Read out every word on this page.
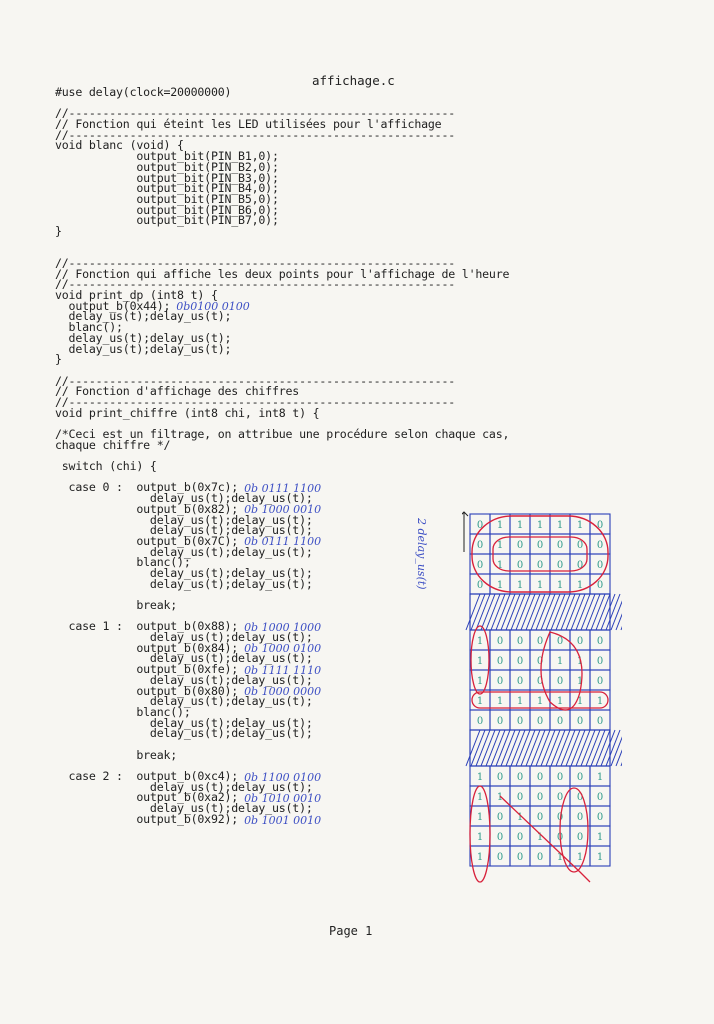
affichage.c
#use delay(clock=20000000)

//---------------------------------------------------------
// Fonction qui éteint les LED utilisées pour l'affichage
//---------------------------------------------------------
void blanc (void) {
output_bit(PIN_B1,0);
output_bit(PIN_B2,0);
output_bit(PIN_B3,0);
output_bit(PIN_B4,0);
output_bit(PIN_B5,0);
output_bit(PIN_B6,0);
output_bit(PIN_B7,0);
}

//---------------------------------------------------------
// Fonction qui affiche les deux points pour l'affichage de l'heure
//---------------------------------------------------------
void print_dp (int8 t) {
output_b(0x44);
delay_us(t);delay_us(t);
blanc();
delay_us(t);delay_us(t);
delay_us(t);delay_us(t);
}

//---------------------------------------------------------
// Fonction d'affichage des chiffres
//---------------------------------------------------------
void print_chiffre (int8 chi, int8 t) {

/*Ceci est un filtrage, on attribue une procédure selon chaque cas,
chaque chiffre */

switch (chi) {

case 0 :  output_b(0x7c);
delay_us(t);delay_us(t);
output_b(0x82);
delay_us(t);delay_us(t);
delay_us(t);delay_us(t);
output_b(0x7C);
delay_us(t);delay_us(t);
blanc();
delay_us(t);delay_us(t);
delay_us(t);delay_us(t);

break;

case 1 :  output_b(0x88);
delay_us(t);delay_us(t);
output_b(0x84);
delay_us(t);delay_us(t);
output_b(0xfe);
delay_us(t);delay_us(t);
output_b(0x80);
delay_us(t);delay_us(t);
blanc();
delay_us(t);delay_us(t);
delay_us(t);delay_us(t);

break;

case 2 :  output_b(0xc4);
delay_us(t);delay_us(t);
output_b(0xa2);
delay_us(t);delay_us(t);
output_b(0x92);
0b0100 0100
0b 0111 1100
0b 1000 0010
0b 0111 1100
0b 1000 1000
0b 1000 0100
0b 1111 1110
0b 1000 0000
0b 1100 0100
0b 1010 0010
0b 1001 0010
0 1 1 1 1 1 0
0 1 0 0 0 0 0
0 1 0 0 0 0 0
0 1 1 1 1 1 0
1 0 0 0 0 0 0
1 0 0 0 1 1 0
1 0 0 0 0 1 0
1 1 1 1 1 1 1
0 0 0 0 0 0 0
1 0 0 0 0 0 1
1 1 0 0 0 0 0
1 0 1 0 0 0 0
1 0 0 1 0 0 1
1 0 0 0 1 1 1
2 delay_us(t)
Page 1
